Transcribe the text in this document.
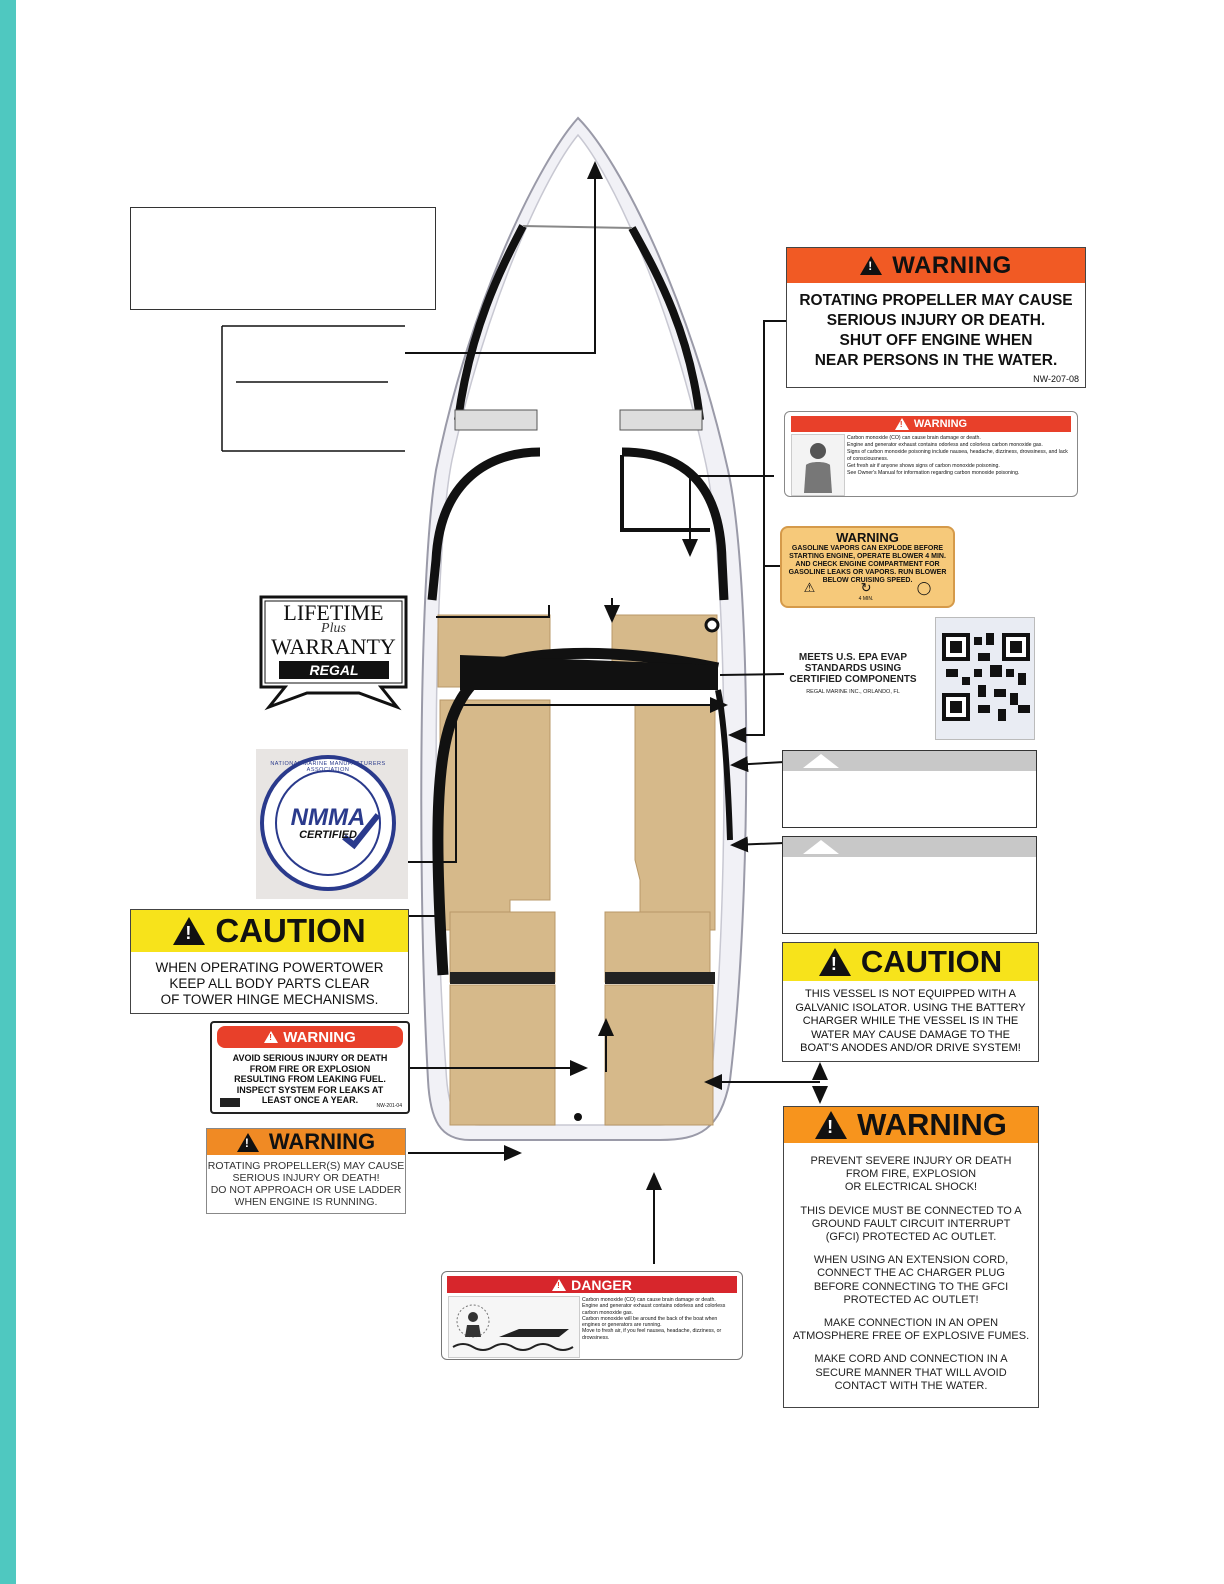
!
WARNING
ROTATING PROPELLER MAY CAUSE
SERIOUS INJURY OR DEATH.
SHUT OFF ENGINE WHEN
NEAR PERSONS IN THE WATER.
NW-207-08
!
WARNING
Carbon monoxide (CO) can cause brain damage or death.
Engine and generator exhaust contains odorless and colorless carbon monoxide gas.
Signs of carbon monoxide poisoning include nausea, headache, dizziness, drowsiness, and lack of consciousness.
Get fresh air if anyone shows signs of carbon monoxide poisoning.
See Owner's Manual for information regarding carbon monoxide poisoning.
WARNING
GASOLINE VAPORS CAN EXPLODE BEFORE STARTING ENGINE, OPERATE BLOWER 4 MIN. AND CHECK ENGINE COMPARTMENT FOR GASOLINE LEAKS OR VAPORS. RUN BLOWER BELOW CRUISING SPEED.
⚠	↻
4 MIN.
◯
MEETS U.S. EPA EVAP
STANDARDS USING
CERTIFIED COMPONENTS
REGAL MARINE INC., ORLANDO, FL
LIFETIME
Plus
WARRANTY
REGAL
NMMA
CERTIFIED
NATIONAL MARINE MANUFACTURERS ASSOCIATION
!
CAUTION
WHEN OPERATING POWERTOWER
KEEP ALL BODY PARTS CLEAR
OF TOWER HINGE MECHANISMS.
!
CAUTION
THIS VESSEL IS NOT EQUIPPED WITH A
GALVANIC ISOLATOR. USING THE BATTERY
CHARGER WHILE THE VESSEL IS IN THE
WATER MAY CAUSE DAMAGE TO THE
BOAT'S ANODES AND/OR DRIVE SYSTEM!
!
WARNING
AVOID SERIOUS INJURY OR DEATH
FROM FIRE OR EXPLOSION
RESULTING FROM LEAKING FUEL.
INSPECT SYSTEM FOR LEAKS AT
LEAST ONCE A YEAR.
NW-201-04
!
WARNING
ROTATING PROPELLER(S) MAY CAUSE
SERIOUS INJURY OR DEATH!
DO NOT APPROACH OR USE LADDER
WHEN ENGINE IS RUNNING.
!
DANGER
Carbon monoxide (CO) can cause brain damage or death.
Engine and generator exhaust contains odorless and colorless carbon monoxide gas.
Carbon monoxide will be around the back of the boat when engines or generators are running.
Move to fresh air, if you feel nausea, headache, dizziness, or drowsiness.
!
WARNING
PREVENT SEVERE INJURY OR DEATH
FROM FIRE, EXPLOSION
OR ELECTRICAL SHOCK!
THIS DEVICE MUST BE CONNECTED TO A
GROUND FAULT CIRCUIT INTERRUPT
(GFCI) PROTECTED AC OUTLET.
WHEN USING AN EXTENSION CORD,
CONNECT THE AC CHARGER PLUG
BEFORE CONNECTING TO THE GFCI
PROTECTED AC OUTLET!
MAKE CONNECTION IN AN OPEN
ATMOSPHERE FREE OF EXPLOSIVE FUMES.
MAKE CORD AND CONNECTION IN A
SECURE MANNER THAT WILL AVOID
CONTACT WITH THE WATER.
